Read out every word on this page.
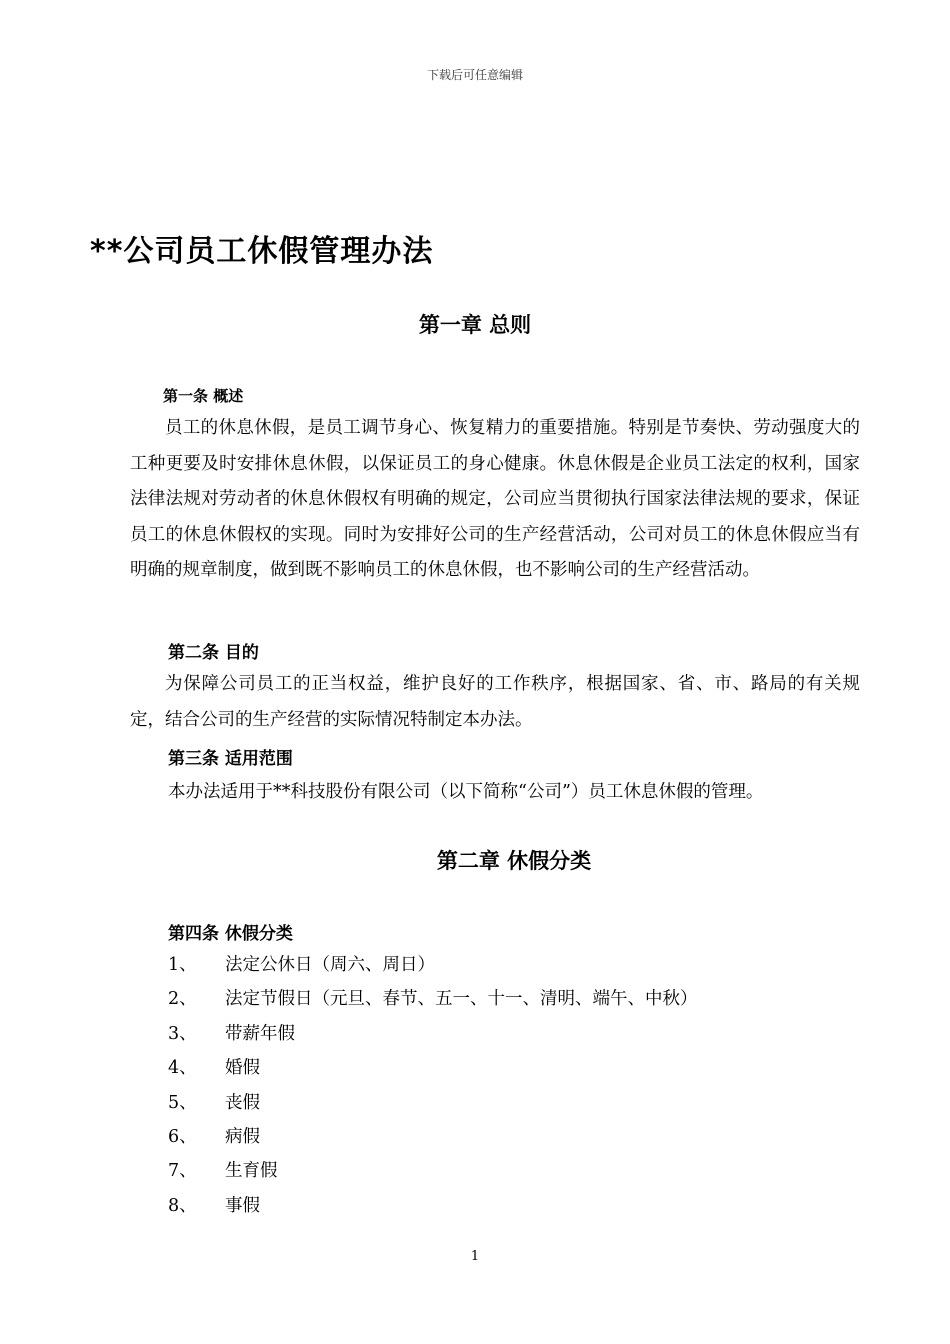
下载后可任意编辑
**公司员工休假管理办法
第一章 总则
第一条 概述
员工的休息休假，是员工调节身心、恢复精力的重要措施。特别是节奏快、劳动强度大的工种更要及时安排休息休假，以保证员工的身心健康。休息休假是企业员工法定的权利，国家法律法规对劳动者的休息休假权有明确的规定，公司应当贯彻执行国家法律法规的要求，保证员工的休息休假权的实现。同时为安排好公司的生产经营活动，公司对员工的休息休假应当有明确的规章制度，做到既不影响员工的休息休假，也不影响公司的生产经营活动。
第二条 目的
为保障公司员工的正当权益，维护良好的工作秩序，根据国家、省、市、路局的有关规定，结合公司的生产经营的实际情况特制定本办法。
第三条 适用范围
本办法适用于**科技股份有限公司（以下简称“公司”）员工休息休假的管理。
第二章 休假分类
第四条 休假分类
1、	法定公休日（周六、周日）
2、	法定节假日（元旦、春节、五一、十一、清明、端午、中秋）
3、	带薪年假
4、	婚假
5、	丧假
6、	病假
7、	生育假
8、	事假
1
